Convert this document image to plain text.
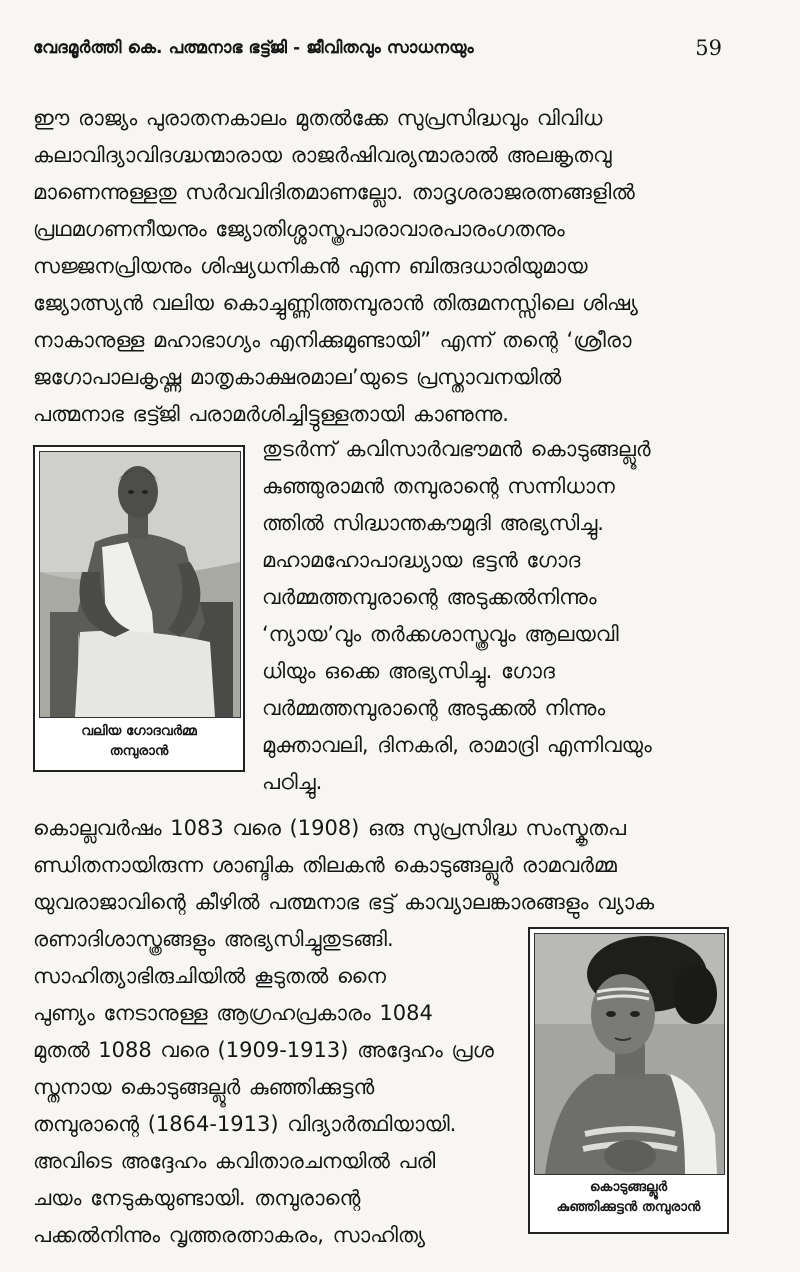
വേദമൂർത്തി കെ. പത്മനാഭ ഭട്ട്ജി - ജീവിതവും സാധനയും	59
ഈ രാജ്യം പുരാതനകാലം മുതൽക്കേ സുപ്രസിദ്ധവും വിവിധ
കലാവിദ്യാവിദഗ്ദ്ധന്മാരായ രാജർഷിവര്യന്മാരാൽ അലങ്കൃതവു
മാണെന്നുള്ളതു സർവവിദിതമാണല്ലോ. താദൃശരാജരത്നങ്ങളിൽ
പ്രഥമഗണനീയനും ജ്യോതിശ്ശാസ്ത്രപാരാവാരപാരംഗതനും
സജ്ജനപ്രിയനും ശിഷ്യധനികൻ എന്ന ബിരുദധാരിയുമായ
ജ്യോത്സ്യൻ വലിയ കൊച്ചുണ്ണിത്തമ്പുരാൻ തിരുമനസ്സിലെ ശിഷ്യ
നാകാനുള്ള മഹാഭാഗ്യം എനിക്കുമുണ്ടായി” എന്ന് തന്റെ ‘ശ്രീരാ
ജഗോപാലകൃഷ്ണ മാതൃകാക്ഷരമാല’യുടെ പ്രസ്താവനയിൽ
പത്മനാഭ ഭട്ട്ജി പരാമർശിച്ചിട്ടുള്ളതായി കാണുന്നു.
വലിയ ഗോദവർമ്മ
തമ്പുരാൻ
തുടർന്ന് കവിസാർവഭൗമൻ കൊടുങ്ങല്ലൂർ
കുഞ്ഞുരാമൻ തമ്പുരാന്റെ സന്നിധാന
ത്തിൽ സിദ്ധാന്തകൗമുദി അഭ്യസിച്ചു.
മഹാമഹോപാദ്ധ്യായ ഭട്ടൻ ഗോദ
വർമ്മത്തമ്പുരാന്റെ അടുക്കൽനിന്നും
‘ന്യായ’വും തർക്കശാസ്ത്രവും ആലയവി
ധിയും ഒക്കെ അഭ്യസിച്ചു. ഗോദ
വർമ്മത്തമ്പുരാന്റെ അടുക്കൽ നിന്നും
മുക്താവലി, ദിനകരി, രാമാദ്രി എന്നിവയും
പഠിച്ചു.
കൊല്ലവർഷം 1083 വരെ (1908) ഒരു സുപ്രസിദ്ധ സംസ്കൃതപ
ണ്ഡിതനായിരുന്ന ശാബ്ദിക തിലകൻ കൊടുങ്ങല്ലൂർ രാമവർമ്മ
യുവരാജാവിന്റെ കീഴിൽ പത്മനാഭ ഭട്ട് കാവ്യാലങ്കാരങ്ങളും വ്യാക
രണാദിശാസ്ത്രങ്ങളും അഭ്യസിച്ചുതുടങ്ങി.
സാഹിത്യാഭിരുചിയിൽ കൂടുതൽ നൈ
പുണ്യം നേടാനുള്ള ആഗ്രഹപ്രകാരം 1084
മുതൽ 1088 വരെ (1909-1913) അദ്ദേഹം പ്രശ
സ്തനായ കൊടുങ്ങല്ലൂർ കുഞ്ഞിക്കുട്ടൻ
തമ്പുരാന്റെ (1864-1913) വിദ്യാർത്ഥിയായി.
അവിടെ അദ്ദേഹം കവിതാരചനയിൽ പരി
ചയം നേടുകയുണ്ടായി. തമ്പുരാന്റെ
പക്കൽനിന്നും വൃത്തരത്നാകരം, സാഹിത്യ
കൊടുങ്ങല്ലൂർ
കുഞ്ഞിക്കുട്ടൻ തമ്പുരാൻ
